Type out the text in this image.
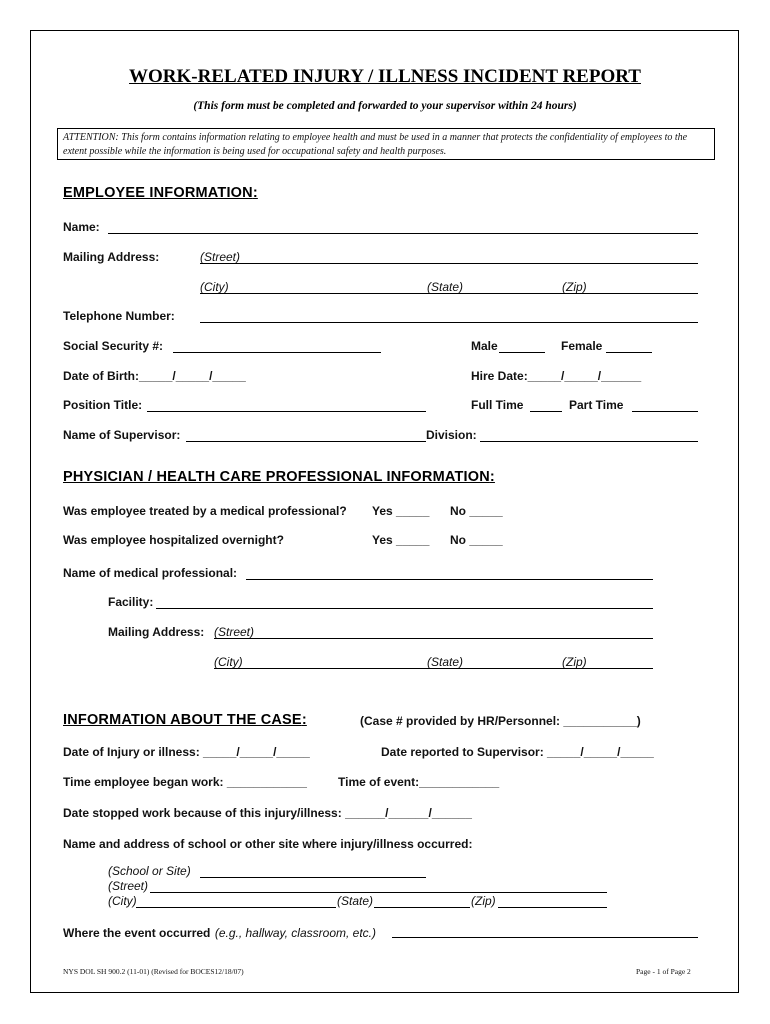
WORK-RELATED INJURY / ILLNESS INCIDENT REPORT
(This form must be completed and forwarded to your supervisor within 24 hours)
ATTENTION: This form contains information relating to employee health and must be used in a manner that protects the confidentiality of employees to the extent possible while the information is being used for occupational safety and health purposes.
EMPLOYEE INFORMATION:
Name:
Mailing Address:	(Street)
(City)	(State)	(Zip)
Telephone Number:
Social Security #:	Male	Female
Date of Birth:_____/_____/_____	Hire Date:_____/_____/______
Position Title:	Full Time	Part Time
Name of Supervisor:	Division:
PHYSICIAN / HEALTH CARE PROFESSIONAL INFORMATION:
Was employee treated by a medical professional? Yes _____ No _____
Was employee hospitalized overnight?	Yes _____ No _____
Name of medical professional:
Facility:
Mailing Address: (Street)
(City)	(State)	(Zip)
INFORMATION ABOUT THE CASE:	(Case # provided by HR/Personnel: ___________)
Date of Injury or illness: _____/_____/_____	Date reported to Supervisor: _____/_____/_____
Time employee began work: ____________	Time of event:____________
Date stopped work because of this injury/illness: ______/______/______
Name and address of school or other site where injury/illness occurred:
(School or Site)
(Street)
(City)	(State)	(Zip)
Where the event occurred (e.g., hallway, classroom, etc.)
NYS DOL SH 900.2 (11-01) (Revised for BOCES12/18/07)	Page - 1 of Page 2
